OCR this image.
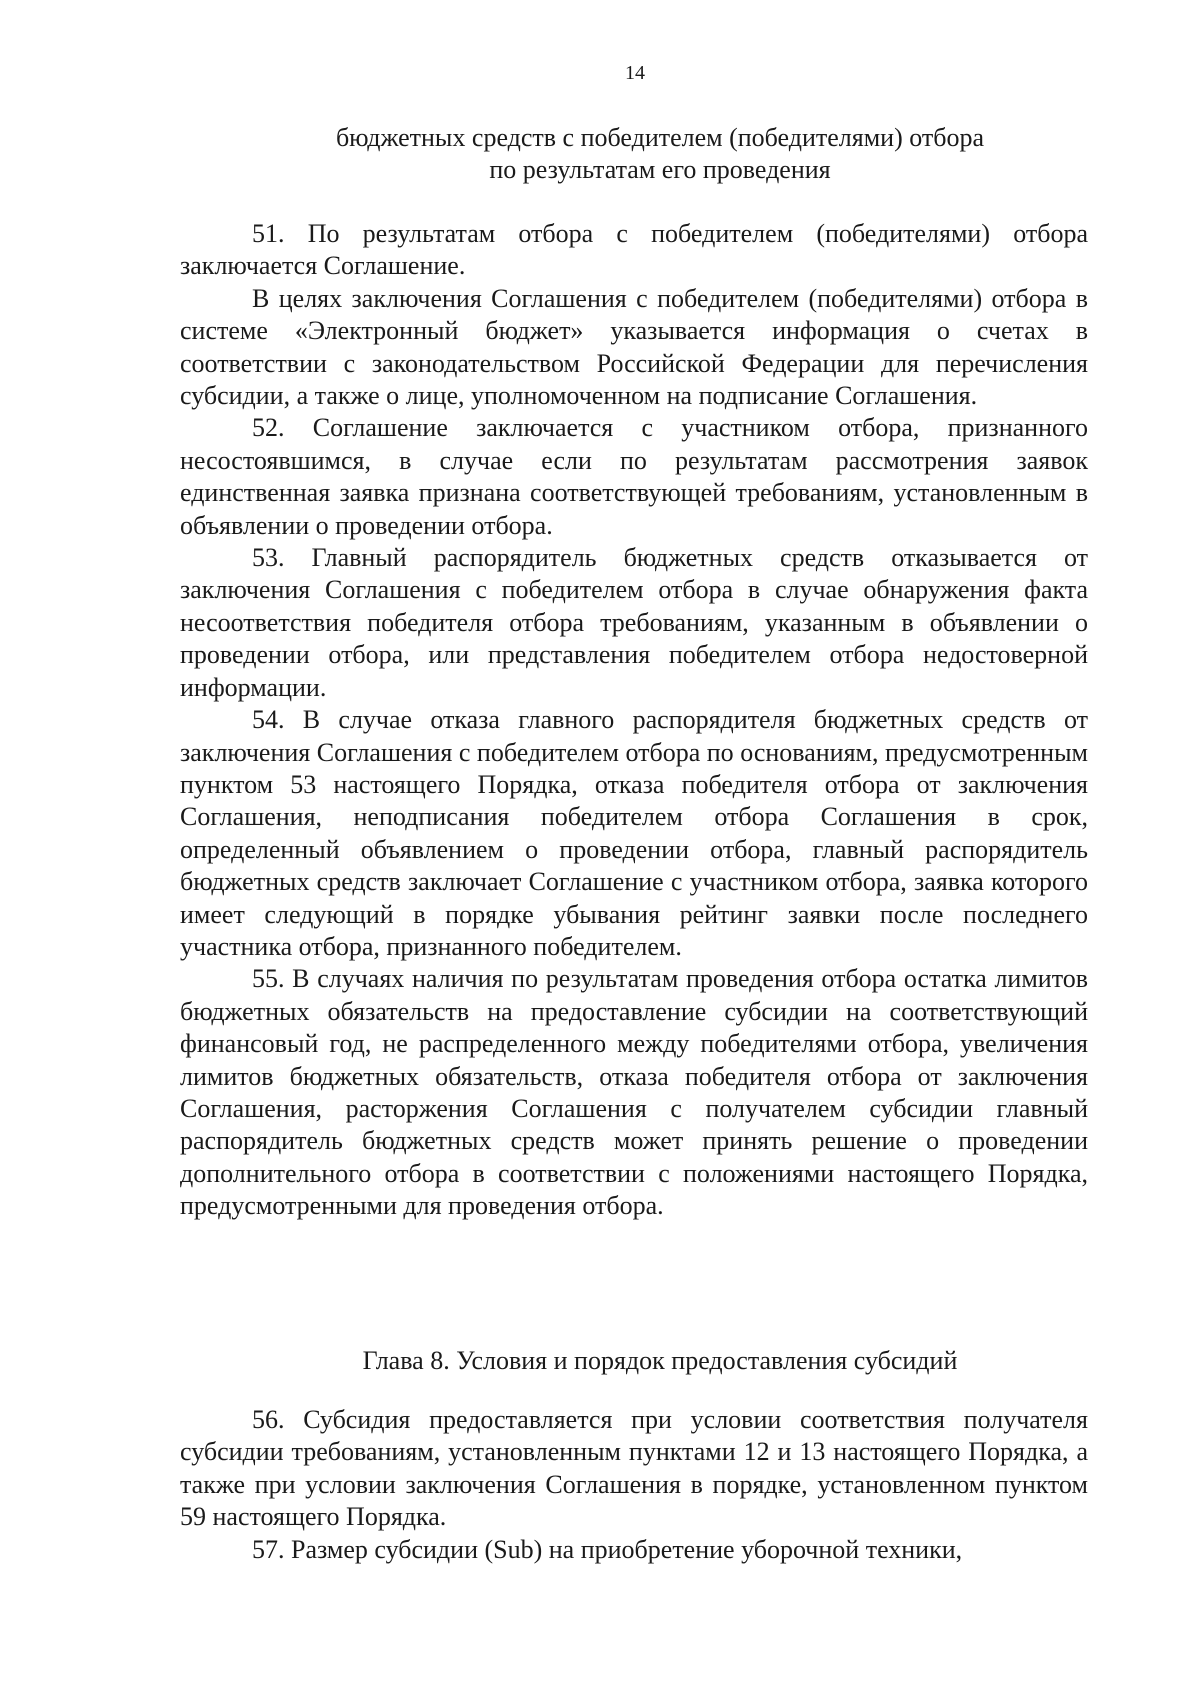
14
бюджетных средств с победителем (победителями) отбора
по результатам его проведения

51. По результатам отбора с победителем (победителями) отбора заключается Соглашение.

В целях заключения Соглашения с победителем (победителями) отбора в системе «Электронный бюджет» указывается информация о счетах в соответствии с законодательством Российской Федерации для перечисления субсидии, а также о лице, уполномоченном на подписание Соглашения.

52. Соглашение заключается с участником отбора, признанного несостоявшимся, в случае если по результатам рассмотрения заявок единственная заявка признана соответствующей требованиям, установленным в объявлении о проведении отбора.

53. Главный распорядитель бюджетных средств отказывается от заключения Соглашения с победителем отбора в случае обнаружения факта несоответствия победителя отбора требованиям, указанным в объявлении о проведении отбора, или представления победителем отбора недостоверной информации.

54. В случае отказа главного распорядителя бюджетных средств от заключения Соглашения с победителем отбора по основаниям, предусмотренным пунктом 53 настоящего Порядка, отказа победителя отбора от заключения Соглашения, неподписания победителем отбора Соглашения в срок, определенный объявлением о проведении отбора, главный распорядитель бюджетных средств заключает Соглашение с участником отбора, заявка которого имеет следующий в порядке убывания рейтинг заявки после последнего участника отбора, признанного победителем.

55. В случаях наличия по результатам проведения отбора остатка лимитов бюджетных обязательств на предоставление субсидии на соответствующий финансовый год, не распределенного между победителями отбора, увеличения лимитов бюджетных обязательств, отказа победителя отбора от заключения Соглашения, расторжения Соглашения с получателем субсидии главный распорядитель бюджетных средств может принять решение о проведении дополнительного отбора в соответствии с положениями настоящего Порядка, предусмотренными для проведения отбора.

Глава 8. Условия и порядок предоставления субсидий

56. Субсидия предоставляется при условии соответствия получателя субсидии требованиям, установленным пунктами 12 и 13 настоящего Порядка, а также при условии заключения Соглашения в порядке, установленном пунктом 59 настоящего Порядка.

57. Размер субсидии (Sub) на приобретение уборочной техники,
